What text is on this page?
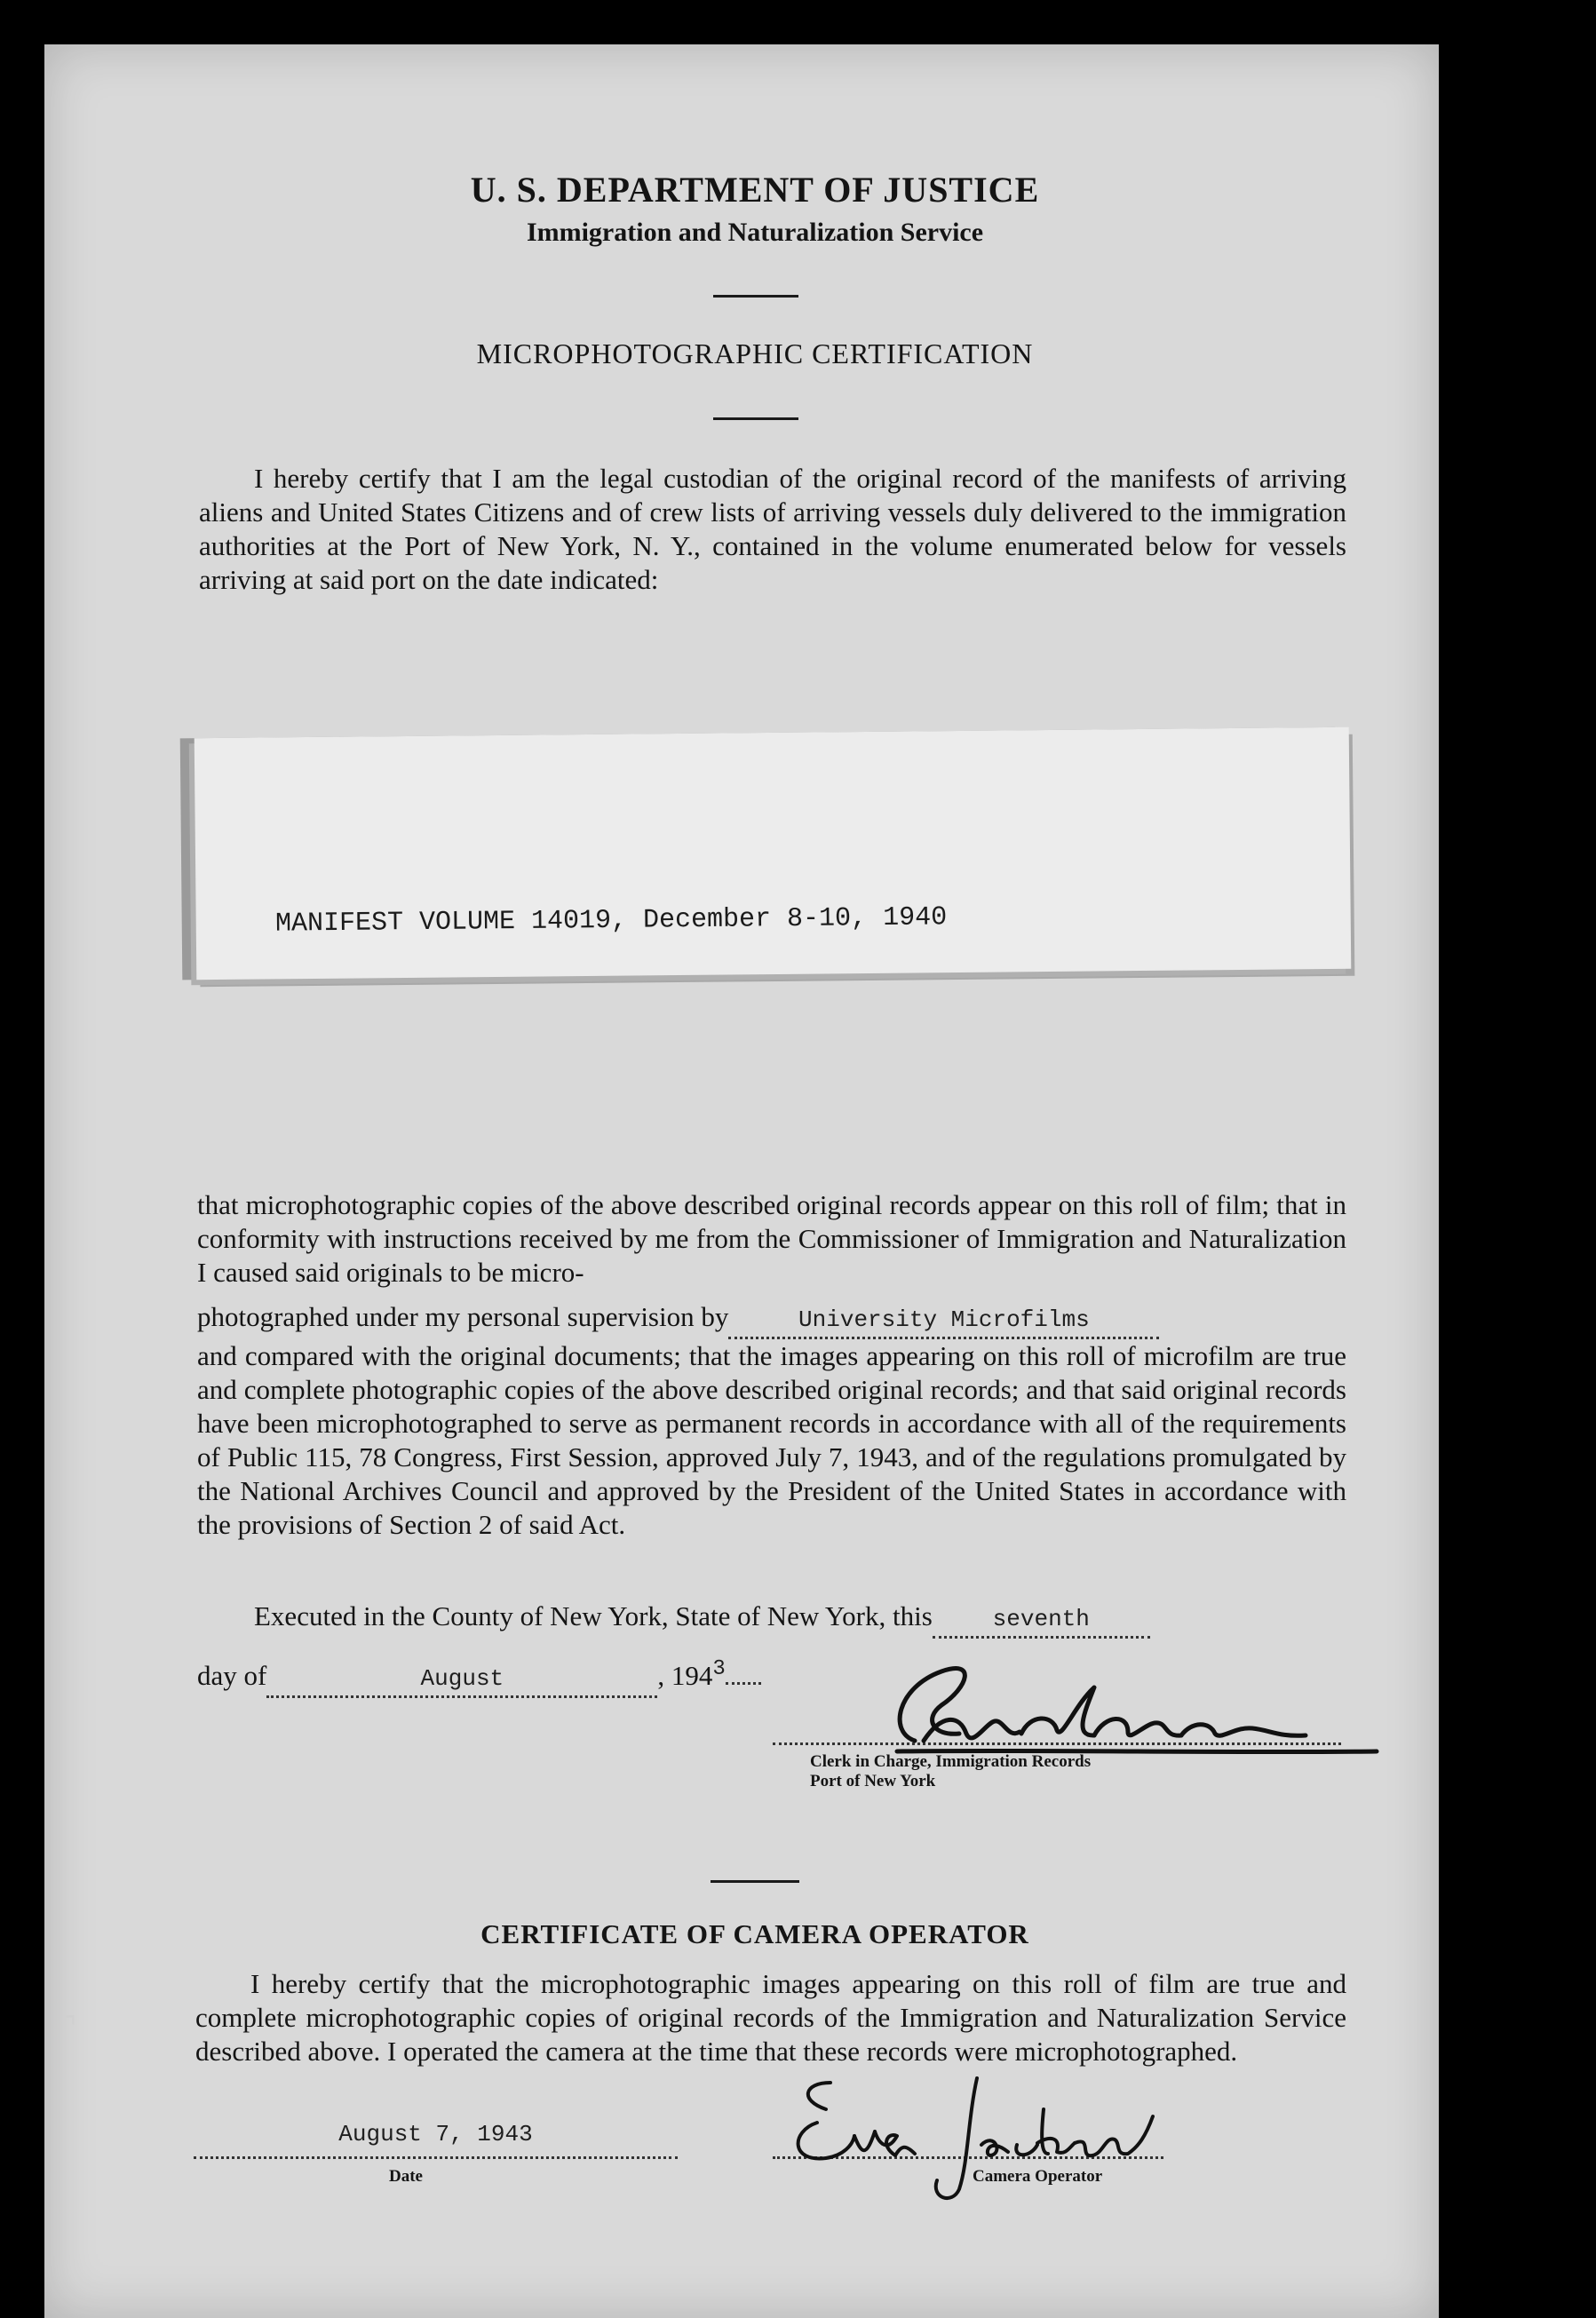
U. S. DEPARTMENT OF JUSTICE
Immigration and Naturalization Service
MICROPHOTOGRAPHIC CERTIFICATION
I hereby certify that I am the legal custodian of the original record of the manifests of arriving aliens and United States Citizens and of crew lists of arriving vessels duly delivered to the immigration authorities at the Port of New York, N. Y., contained in the volume enumerated below for vessels arriving at said port on the date indicated:
MANIFEST VOLUME 14019, December 8-10, 1940
that microphotographic copies of the above described original records appear on this roll of film; that in conformity with instructions received by me from the Commissioner of Immigration and Naturalization I caused said originals to be micro-
photographed under my personal supervision by	University Microfilms
and compared with the original documents; that the images appearing on this roll of microfilm are true and complete photographic copies of the above described original records; and that said original records have been microphotographed to serve as permanent records in accordance with all of the requirements of Public 115, 78 Congress, First Session, approved July 7, 1943, and of the regulations promulgated by the National Archives Council and approved by the President of the United States in accordance with the provisions of Section 2 of said Act.
Executed in the County of New York, State of New York, this	seventh
day of	August	, $194^3$
Clerk in Charge, Immigration Records
Port of New York
CERTIFICATE OF CAMERA OPERATOR
I hereby certify that the microphotographic images appearing on this roll of film are true and complete microphotographic copies of original records of the Immigration and Naturalization Service described above. I operated the camera at the time that these records were microphotographed.
August 7, 1943
Date	Camera Operator
⌝
